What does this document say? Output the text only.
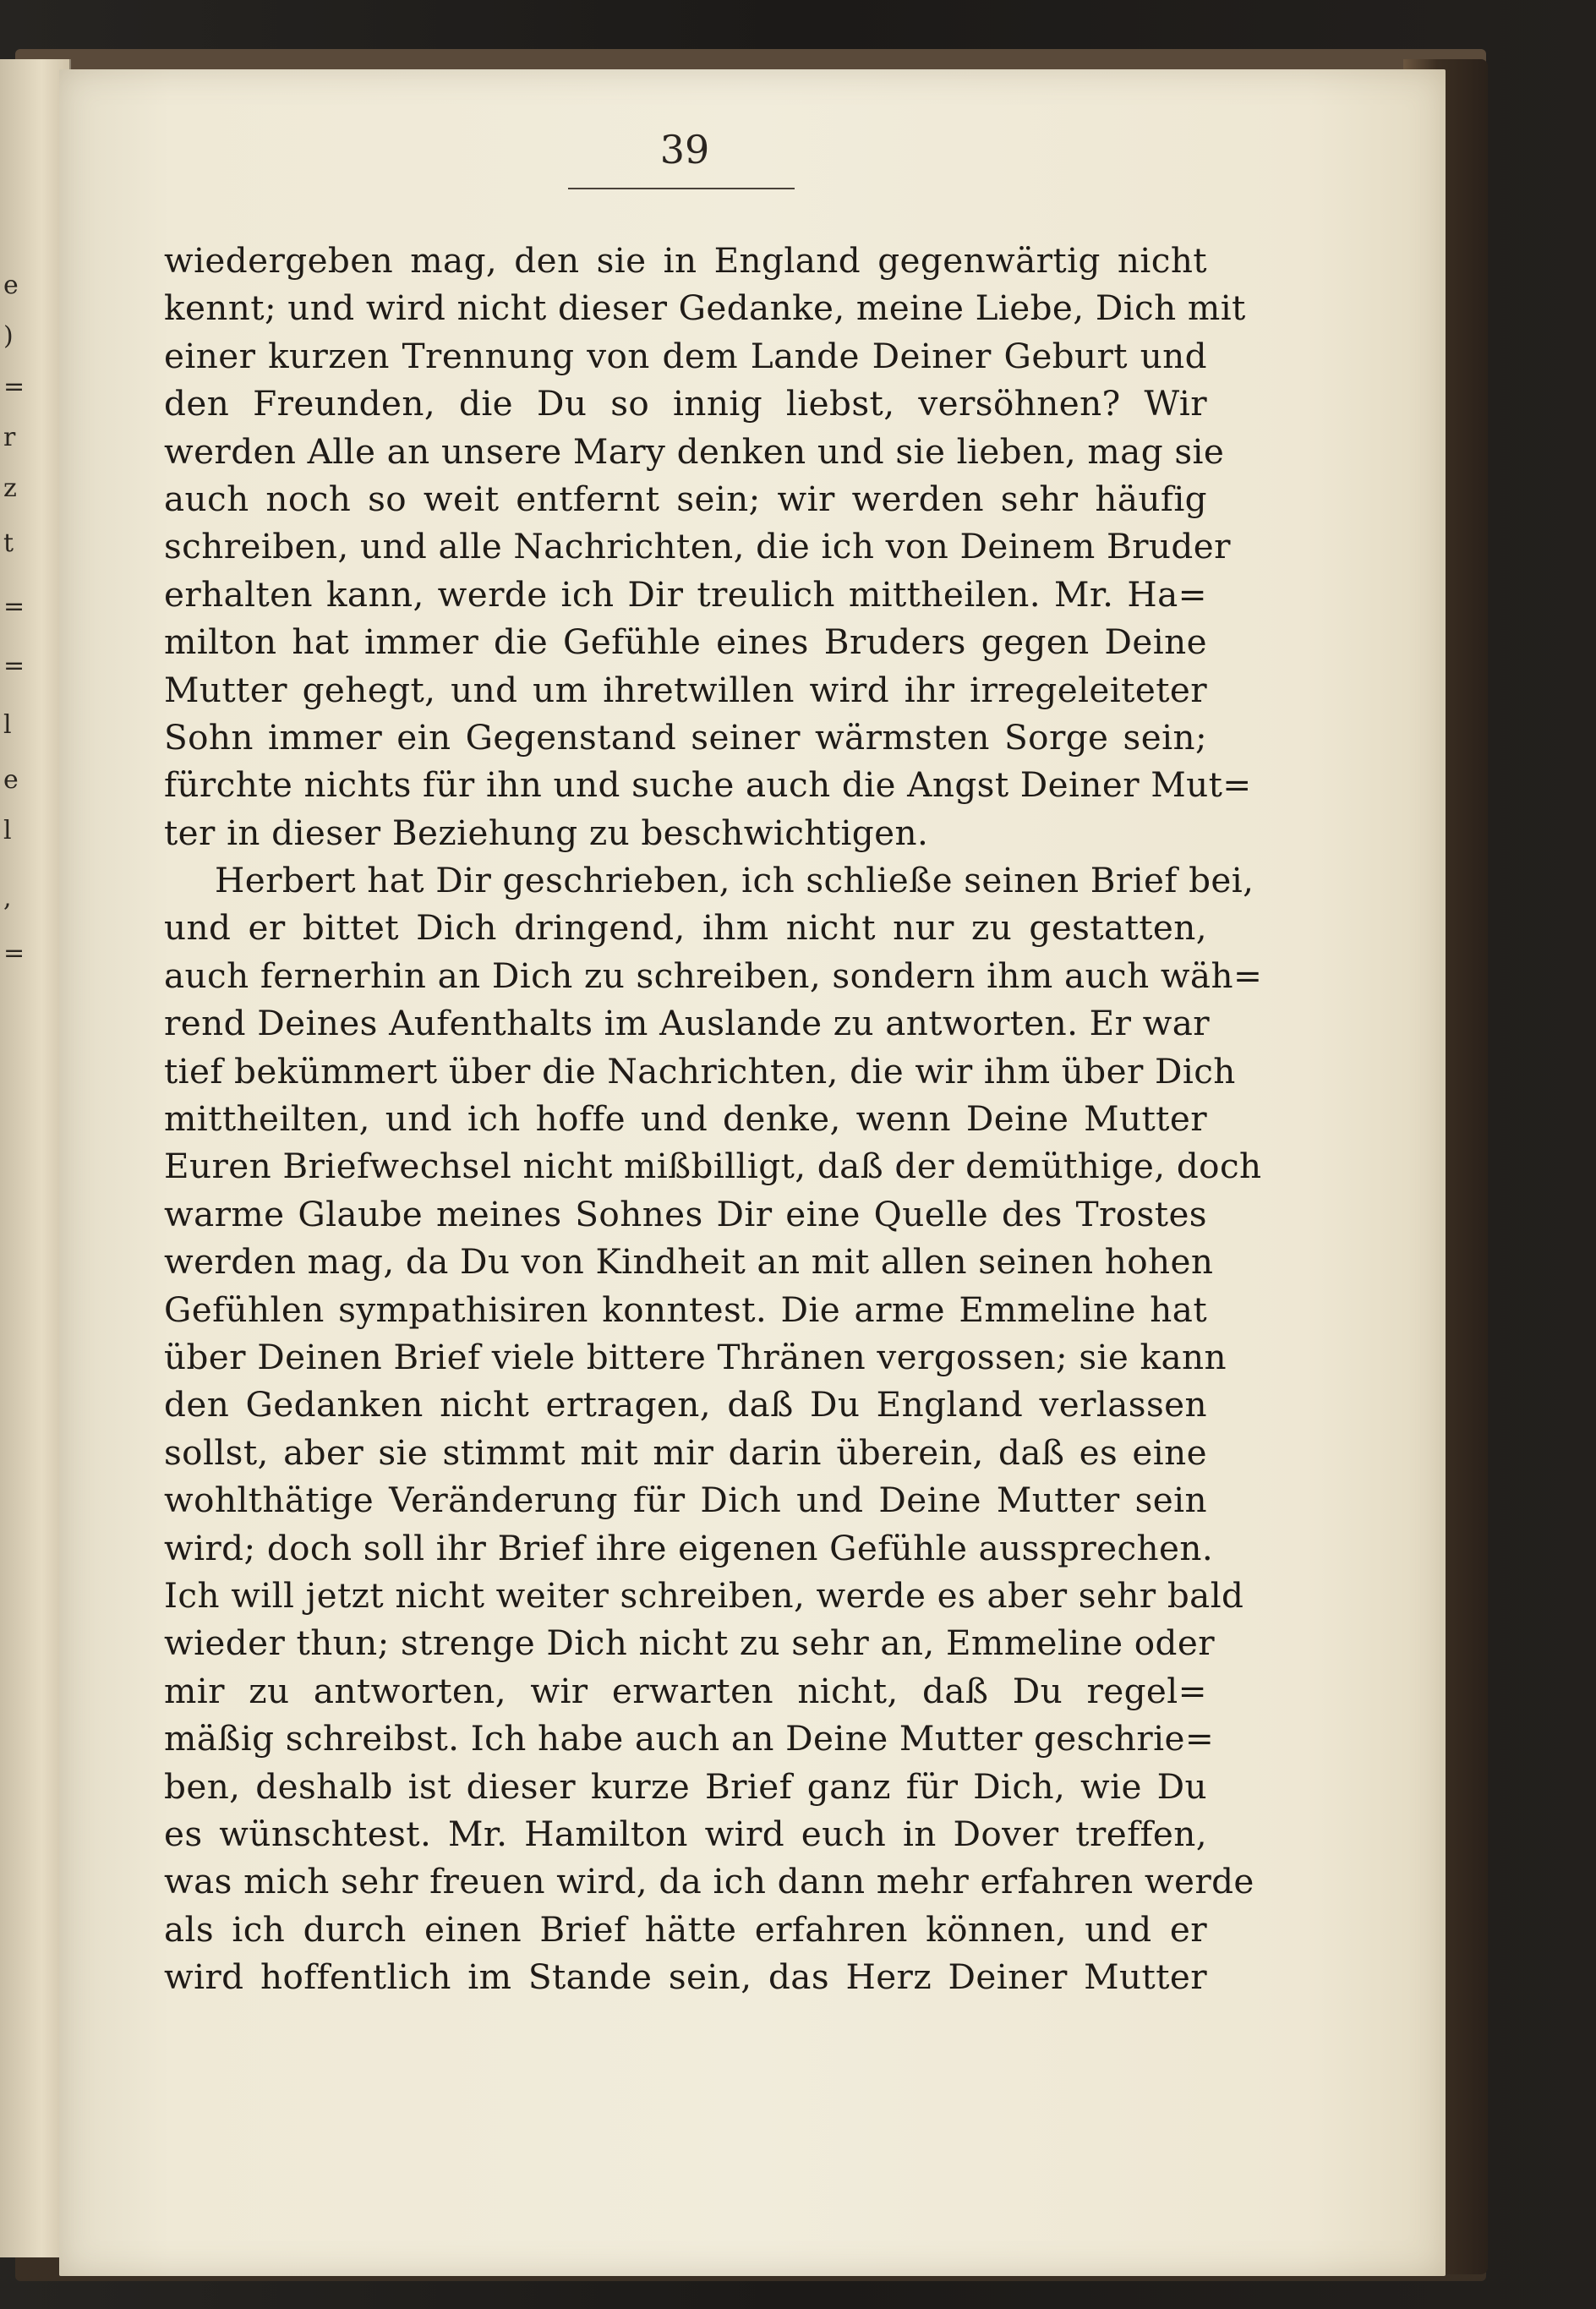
e
)
=
r
z
t
=
=
l
e
l
,
=
39
wiedergeben mag, den sie in England gegenwärtig nicht
kennt; und wird nicht dieser Gedanke, meine Liebe, Dich mit
einer kurzen Trennung von dem Lande Deiner Geburt und
den Freunden, die Du so innig liebst, versöhnen? Wir
werden Alle an unsere Mary denken und sie lieben, mag sie
auch noch so weit entfernt sein; wir werden sehr häufig
schreiben, und alle Nachrichten, die ich von Deinem Bruder
erhalten kann, werde ich Dir treulich mittheilen. Mr. Ha=
milton hat immer die Gefühle eines Bruders gegen Deine
Mutter gehegt, und um ihretwillen wird ihr irregeleiteter
Sohn immer ein Gegenstand seiner wärmsten Sorge sein;
fürchte nichts für ihn und suche auch die Angst Deiner Mut=
ter in dieser Beziehung zu beschwichtigen.
Herbert hat Dir geschrieben, ich schließe seinen Brief bei,
und er bittet Dich dringend, ihm nicht nur zu gestatten,
auch fernerhin an Dich zu schreiben, sondern ihm auch wäh=
rend Deines Aufenthalts im Auslande zu antworten. Er war
tief bekümmert über die Nachrichten, die wir ihm über Dich
mittheilten, und ich hoffe und denke, wenn Deine Mutter
Euren Briefwechsel nicht mißbilligt, daß der demüthige, doch
warme Glaube meines Sohnes Dir eine Quelle des Trostes
werden mag, da Du von Kindheit an mit allen seinen hohen
Gefühlen sympathisiren konntest. Die arme Emmeline hat
über Deinen Brief viele bittere Thränen vergossen; sie kann
den Gedanken nicht ertragen, daß Du England verlassen
sollst, aber sie stimmt mit mir darin überein, daß es eine
wohlthätige Veränderung für Dich und Deine Mutter sein
wird; doch soll ihr Brief ihre eigenen Gefühle aussprechen.
Ich will jetzt nicht weiter schreiben, werde es aber sehr bald
wieder thun; strenge Dich nicht zu sehr an, Emmeline oder
mir zu antworten, wir erwarten nicht, daß Du regel=
mäßig schreibst. Ich habe auch an Deine Mutter geschrie=
ben, deshalb ist dieser kurze Brief ganz für Dich, wie Du
es wünschtest. Mr. Hamilton wird euch in Dover treffen,
was mich sehr freuen wird, da ich dann mehr erfahren werde
als ich durch einen Brief hätte erfahren können, und er
wird hoffentlich im Stande sein, das Herz Deiner Mutter
